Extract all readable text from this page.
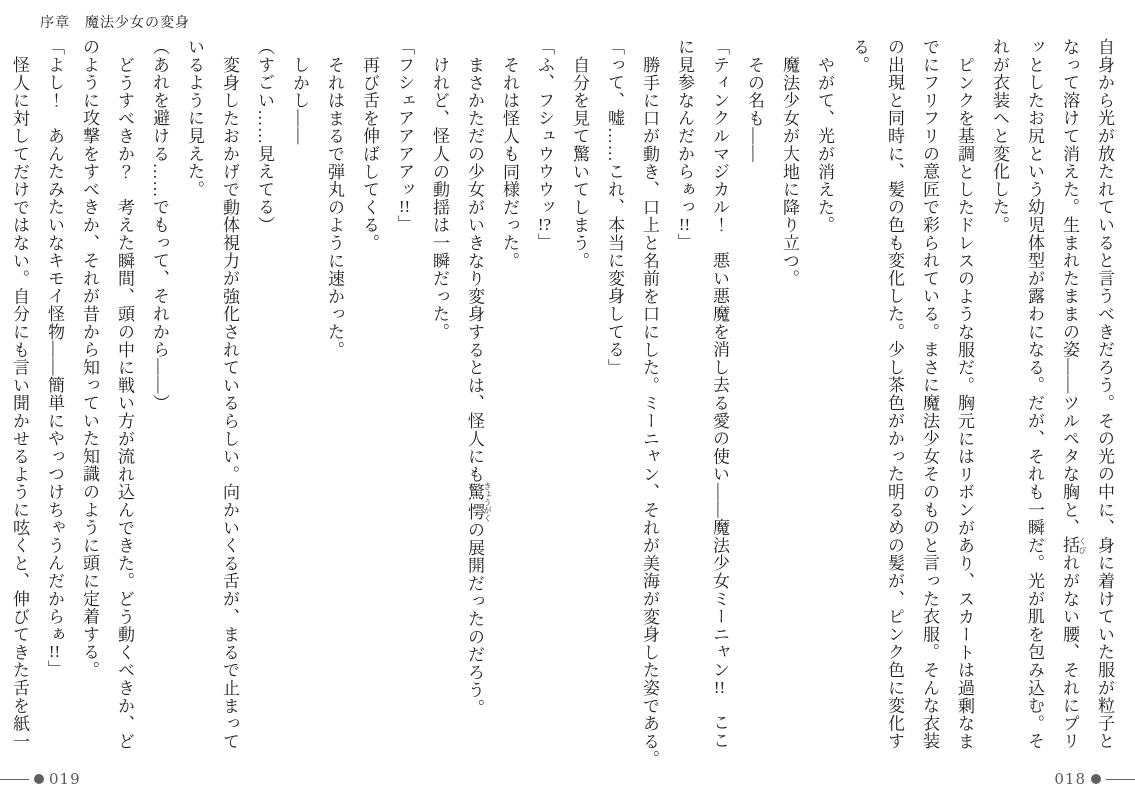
序章　魔法少女の変身
自身から光が放たれていると言うべきだろう。その光の中に、身に着けていた服が粒子と
なって溶けて消えた。生まれたままの姿――ツルペタな胸と、括 くびれがない腰、それにプリ
ッとしたお尻という幼児体型が露わになる。だが、それも一瞬だ。光が肌を包み込む。そ
れが衣装へと変化した。
ピンクを基調としたドレスのような服だ。胸元にはリボンがあり、スカートは過剰なま
でにフリフリの意匠で彩られている。まさに魔法少女そのものと言った衣服。そんな衣装
の出現と同時に、髪の色も変化した。少し茶色がかった明るめの髪が、ピンク色に変化す
る。
やがて、光が消えた。
魔法少女が大地に降り立つ。
その名も――
「ティンクルマジカル！　悪い悪魔を消し去る愛の使い――魔法少女ミーニャン!!　ここ
に見参なんだからぁっ!!」
勝手に口が動き、口上と名前を口にした。ミーニャン、それが美海が変身した姿である。
「って、嘘……これ、本当に変身してる」
自分を見て驚いてしまう。
「ふ、フシュウウウッ!?」
それは怪人も同様だった。
まさかただの少女がいきなり変身するとは、怪人にも驚愕 きょうがくの展開だったのだろう。
けれど、怪人の動揺は一瞬だった。
「フシェアアアアッ!!」
再び舌を伸ばしてくる。
それはまるで弾丸のように速かった。
しかし――
（すごい……見えてる）
変身したおかげで動体視力が強化されているらしい。向かいくる舌が、まるで止まって
いるように見えた。
（あれを避ける……でもって、それから――）
どうすべきか？　考えた瞬間、頭の中に戦い方が流れ込んできた。どう動くべきか、ど
のように攻撃をすべきか、それが昔から知っていた知識のように頭に定着する。
「よし！　あんたみたいなキモイ怪物――簡単にやっつけちゃうんだからぁ!!」
怪人に対してだけではない。自分にも言い聞かせるように呟くと、伸びてきた舌を紙一
019	018
